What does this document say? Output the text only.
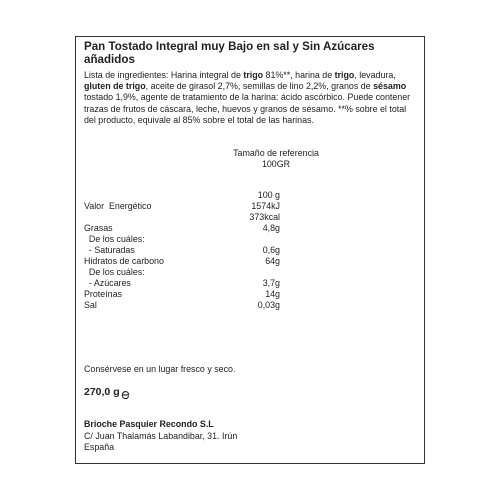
Pan Tostado Integral muy Bajo en sal y Sin Azúcares añadidos

Lista de ingredientes: Harina integral de trigo 81%**, harina de trigo, levadura, gluten de trigo, aceite de girasol 2,7%, semillas de lino 2,2%, granos de sésamo tostado 1,9%, agente de tratamiento de la harina: ácido ascórbico. Puede contener trazas de frutos de cáscara, leche, huevos y granos de sésamo. **% sobre el total del producto, equivale al 85% sobre el total de las harinas.

Tamaño de referencia
100GR
100 g
Valor  Energético	1574kJ
373kcal
Grasas	4,8g
De los cuáles:
- Saturadas	0,6g
Hidratos de carbono	64g
De los cuáles:
- Azúcares	3,7g
Proteínas	14g
Sal	0,03g
Consérvese en un lugar fresco y seco.
270,0 g
Brioche Pasquier Recondo S.L
C/ Juan Thalamás Labandibar, 31. Irún
España
